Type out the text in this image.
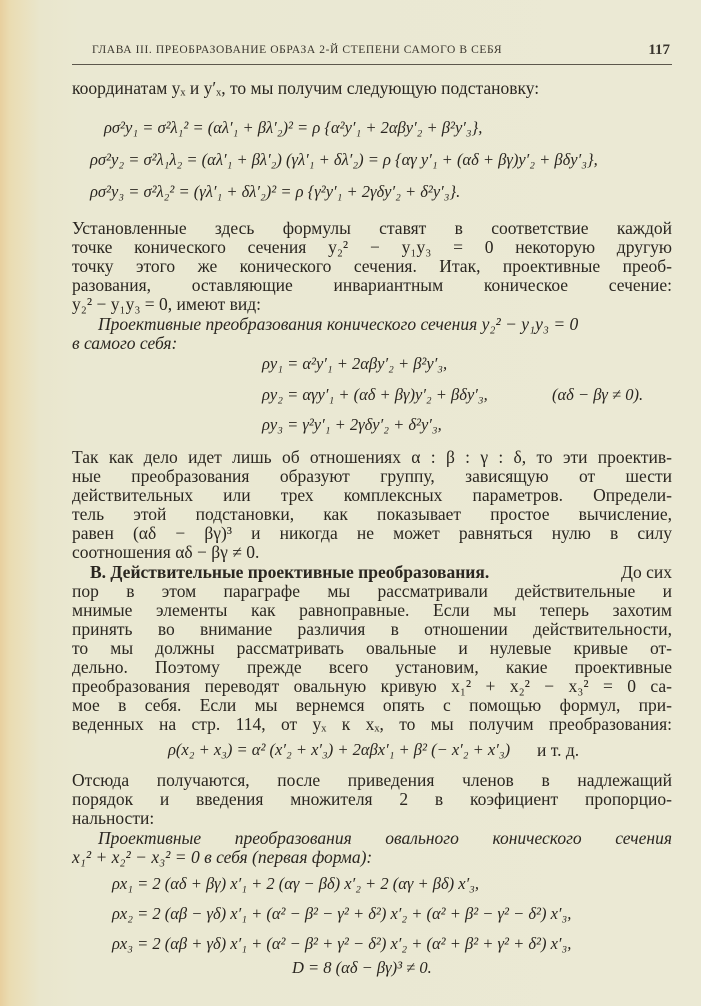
ГЛАВА III. ПРЕОБРАЗОВАНИЕ ОБРАЗА 2-Й СТЕПЕНИ САМОГО В СЕБЯ	117
координатам yₓ и y′ₓ, то мы получим следующую подстановку:
ρσ²y₁ = σ²λ₁² = (αλ′₁ + βλ′₂)² = ρ {α²y′₁ + 2αβy′₂ + β²y′₃},
ρσ²y₂ = σ²λ₁λ₂ = (αλ′₁ + βλ′₂) (γλ′₁ + δλ′₂) = ρ {αγ y′₁ + (αδ + βγ)y′₂ + βδy′₃},
ρσ²y₃ = σ²λ₂² = (γλ′₁ + δλ′₂)² = ρ {γ²y′₁ + 2γδy′₂ + δ²y′₃}.
Установленные здесь формулы ставят в соответствие каждой
точке конического сечения y₂² − y₁y₃ = 0 некоторую другую
точку этого же конического сечения. Итак, проективные преоб-
разования, оставляющие инвариантным коническое сечение:
y₂² − y₁y₃ = 0, имеют вид:
Проективные преобразования конического сечения y₂² − y₁y₃ = 0
в самого себя:
ρy₁ = α²y′₁ + 2αβy′₂ + β²y′₃,
ρy₂ = αγy′₁ + (αδ + βγ)y′₂ + βδy′₃,	(αδ − βγ ≠ 0).
ρy₃ = γ²y′₁ + 2γδy′₂ + δ²y′₃,
Так как дело идет лишь об отношениях α : β : γ : δ, то эти проектив-
ные преобразования образуют группу, зависящую от шести
действительных или трех комплексных параметров. Определи-
тель этой подстановки, как показывает простое вычисление,
равен (αδ − βγ)³ и никогда не может равняться нулю в силу
соотношения αδ − βγ ≠ 0.
B. Действительные проективные преобразования.	До сих
пор в этом параграфе мы рассматривали действительные и
мнимые элементы как равноправные. Если мы теперь захотим
принять во внимание различия в отношении действительности,
то мы должны рассматривать овальные и нулевые кривые от-
дельно. Поэтому прежде всего установим, какие проективные
преобразования переводят овальную кривую x₁² + x₂² − x₃² = 0 са-
мое в себя. Если мы вернемся опять с помощью формул, при-
веденных на стр. 114, от yₓ к xₓ, то мы получим преобразования:
ρ(x₂ + x₃) = α² (x′₂ + x′₃) + 2αβx′₁ + β² (− x′₂ + x′₃) и т. д.
Отсюда получаются, после приведения членов в надлежащий
порядок и введения множителя 2 в коэфициент пропорцио-
нальности:
Проективные преобразования овального конического сечения
x₁² + x₂² − x₃² = 0 в себя (первая форма):
ρx₁ = 2 (αδ + βγ) x′₁ + 2 (αγ − βδ) x′₂ + 2 (αγ + βδ) x′₃,
ρx₂ = 2 (αβ − γδ) x′₁ + (α² − β² − γ² + δ²) x′₂ + (α² + β² − γ² − δ²) x′₃,
ρx₃ = 2 (αβ + γδ) x′₁ + (α² − β² + γ² − δ²) x′₂ + (α² + β² + γ² + δ²) x′₃,
D = 8 (αδ − βγ)³ ≠ 0.
